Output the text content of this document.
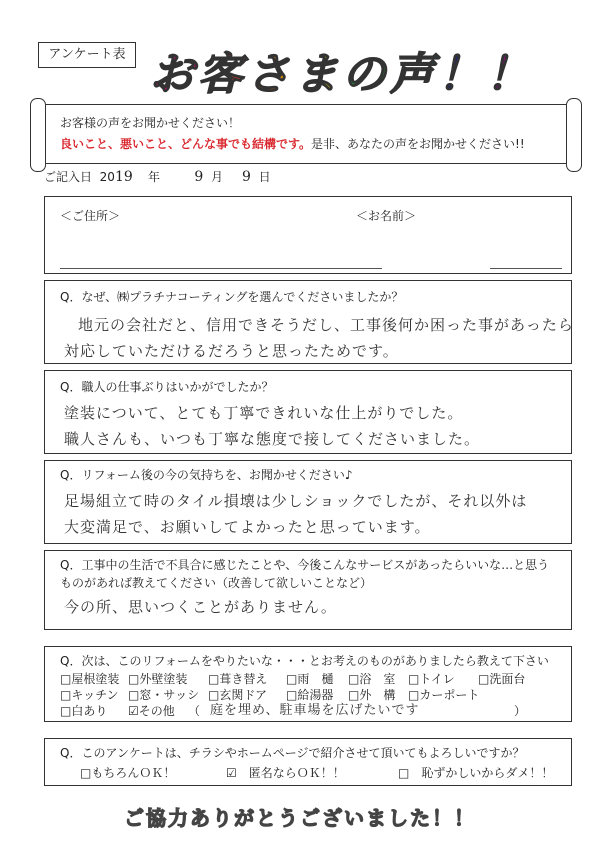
アンケート表 お客さまの声！！
お客様の声をお聞かせください！
良いこと、悪いこと、どんな事でも結構です。是非、あなたの声をお聞かせください!!
ご記入日 2019 年 9 月 9 日
＜ご住所＞	＜お名前＞
Q．なぜ、㈱プラチナコーティングを選んでくださいましたか？
地元の会社だと、信用できそうだし、工事後何か困った事があったら
対応していただけるだろうと思ったためです。
Q．職人の仕事ぶりはいかがでしたか？
塗装について、とても丁寧できれいな仕上がりでした。
職人さんも、いつも丁寧な態度で接してくださいました。
Q．リフォーム後の今の気持ちを、お聞かせください♪
足場組立て時のタイル損壊は少しショックでしたが、それ以外は
大変満足で、お願いしてよかったと思っています。
Q．工事中の生活で不具合に感じたことや、今後こんなサービスがあったらいいな…と思う
ものがあれば教えてください（改善して欲しいことなど）
今の所、思いつくことがありません。
Q．次は、このリフォームをやりたいな・・・とお考えのものがありましたら教えて下さい
□屋根塗装 □外壁塗装 □葺き替え □雨　樋 □浴　室 □トイレ □洗面台
□キッチン □窓・サッシ □玄関ドア □給湯器 □外　構 □カーポート
□白あり ☑その他 （ 庭を埋め、駐車場を広げたいです	）
Q．このアンケートは、チラシやホームページで紹介させて頂いてもよろしいですか？
□もちろんＯＫ！	☑　匿名ならＯＫ！！	□　恥ずかしいからダメ！！
ご協力ありがとうございました！！
